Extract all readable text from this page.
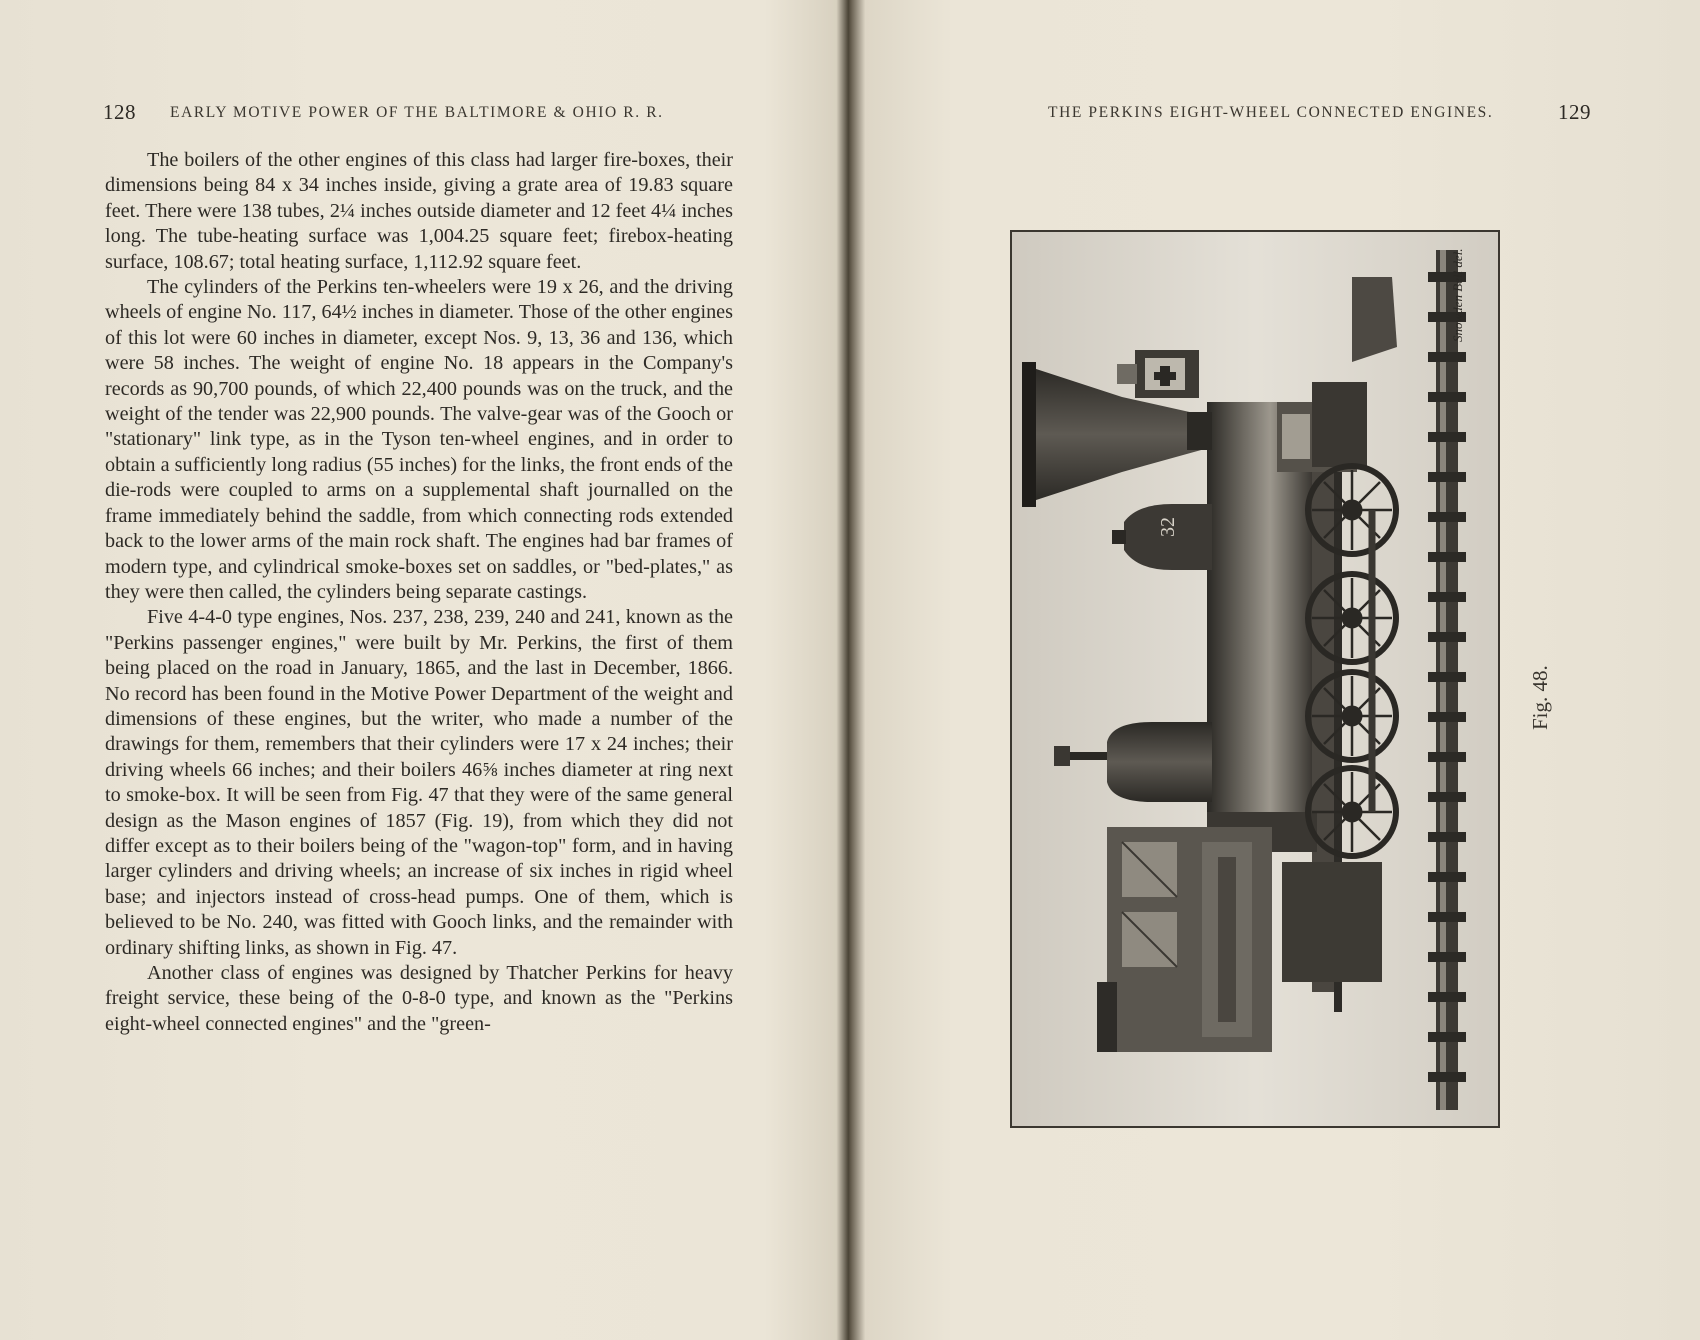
128 EARLY MOTIVE POWER OF THE BALTIMORE & OHIO R. R.

The boilers of the other engines of this class had larger fire-boxes, their dimensions being 84 x 34 inches inside, giving a grate area of 19.83 square feet. There were 138 tubes, 2¼ inches outside diameter and 12 feet 4¼ inches long. The tube-heating surface was 1,004.25 square feet; firebox-heating surface, 108.67; total heating surface, 1,112.92 square feet.

The cylinders of the Perkins ten-wheelers were 19 x 26, and the driving wheels of engine No. 117, 64½ inches in diameter. Those of the other engines of this lot were 60 inches in diameter, except Nos. 9, 13, 36 and 136, which were 58 inches. The weight of engine No. 18 appears in the Company's records as 90,700 pounds, of which 22,400 pounds was on the truck, and the weight of the tender was 22,900 pounds. The valve-gear was of the Gooch or "stationary" link type, as in the Tyson ten-wheel engines, and in order to obtain a sufficiently long radius (55 inches) for the links, the front ends of the die-rods were coupled to arms on a supplemental shaft journalled on the frame immediately behind the saddle, from which connecting rods extended back to the lower arms of the main rock shaft. The engines had bar frames of modern type, and cylindrical smoke-boxes set on saddles, or "bed-plates," as they were then called, the cylinders being separate castings.

Five 4-4-0 type engines, Nos. 237, 238, 239, 240 and 241, known as the "Perkins passenger engines," were built by Mr. Perkins, the first of them being placed on the road in January, 1865, and the last in December, 1866. No record has been found in the Motive Power Department of the weight and dimensions of these engines, but the writer, who made a number of the drawings for them, remembers that their cylinders were 17 x 24 inches; their driving wheels 66 inches; and their boilers 46⅝ inches diameter at ring next to smoke-box. It will be seen from Fig. 47 that they were of the same general design as the Mason engines of 1857 (Fig. 19), from which they did not differ except as to their boilers being of the "wagon-top" form, and in having larger cylinders and driving wheels; an increase of six inches in rigid wheel base; and injectors instead of cross-head pumps. One of them, which is believed to be No. 240, was fitted with Gooch links, and the remainder with ordinary shifting links, as shown in Fig. 47.

Another class of engines was designed by Thatcher Perkins for heavy freight service, these being of the 0-8-0 type, and known as the "Perkins eight-wheel connected engines" and the "green-

THE PERKINS EIGHT-WHEEL CONNECTED ENGINES.	129
32
Snowden Bell del.
Fig. 48.
